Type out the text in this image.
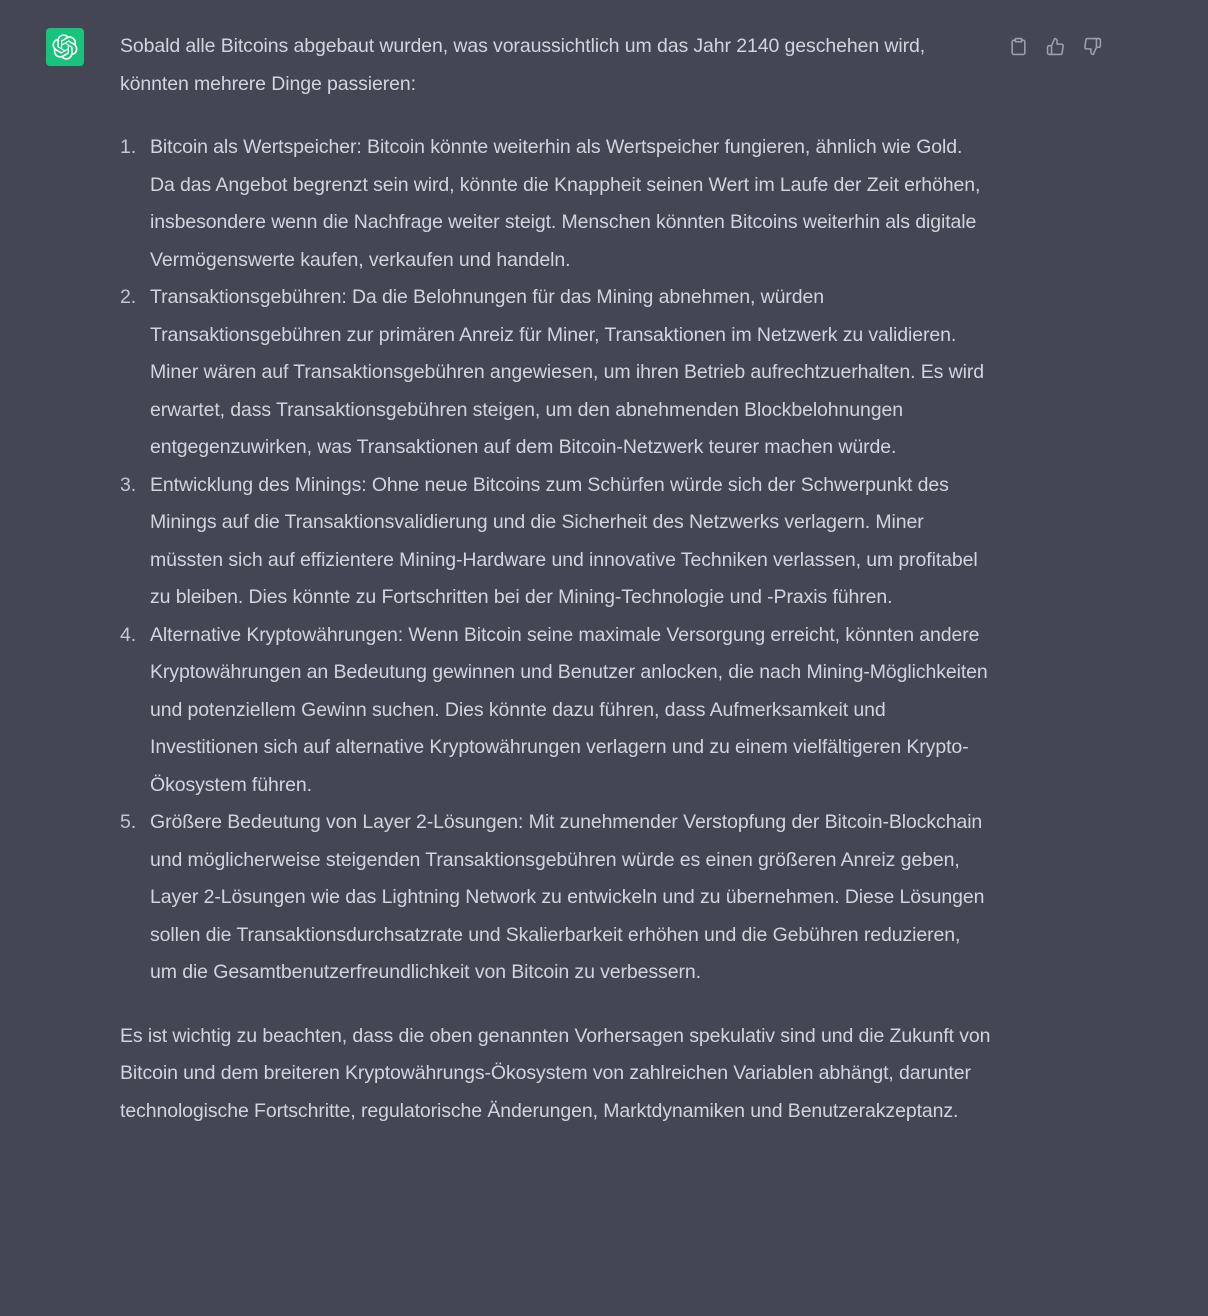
Sobald alle Bitcoins abgebaut wurden, was voraussichtlich um das Jahr 2140 geschehen wird, könnten mehrere Dinge passieren:

1. Bitcoin als Wertspeicher: Bitcoin könnte weiterhin als Wertspeicher fungieren, ähnlich wie Gold. Da das Angebot begrenzt sein wird, könnte die Knappheit seinen Wert im Laufe der Zeit erhöhen, insbesondere wenn die Nachfrage weiter steigt. Menschen könnten Bitcoins weiterhin als digitale Vermögenswerte kaufen, verkaufen und handeln.
2. Transaktionsgebühren: Da die Belohnungen für das Mining abnehmen, würden Transaktionsgebühren zur primären Anreiz für Miner, Transaktionen im Netzwerk zu validieren. Miner wären auf Transaktionsgebühren angewiesen, um ihren Betrieb aufrechtzuerhalten. Es wird erwartet, dass Transaktionsgebühren steigen, um den abnehmenden Blockbelohnungen entgegenzuwirken, was Transaktionen auf dem Bitcoin-Netzwerk teurer machen würde.
3. Entwicklung des Minings: Ohne neue Bitcoins zum Schürfen würde sich der Schwerpunkt des Minings auf die Transaktionsvalidierung und die Sicherheit des Netzwerks verlagern. Miner müssten sich auf effizientere Mining-Hardware und innovative Techniken verlassen, um profitabel zu bleiben. Dies könnte zu Fortschritten bei der Mining-Technologie und -Praxis führen.
4. Alternative Kryptowährungen: Wenn Bitcoin seine maximale Versorgung erreicht, könnten andere Kryptowährungen an Bedeutung gewinnen und Benutzer anlocken, die nach Mining-Möglichkeiten und potenziellem Gewinn suchen. Dies könnte dazu führen, dass Aufmerksamkeit und Investitionen sich auf alternative Kryptowährungen verlagern und zu einem vielfältigeren Krypto-Ökosystem führen.
5. Größere Bedeutung von Layer 2-Lösungen: Mit zunehmender Verstopfung der Bitcoin-Blockchain und möglicherweise steigenden Transaktionsgebühren würde es einen größeren Anreiz geben, Layer 2-Lösungen wie das Lightning Network zu entwickeln und zu übernehmen. Diese Lösungen sollen die Transaktionsdurchsatzrate und Skalierbarkeit erhöhen und die Gebühren reduzieren, um die Gesamtbenutzerfreundlichkeit von Bitcoin zu verbessern.

Es ist wichtig zu beachten, dass die oben genannten Vorhersagen spekulativ sind und die Zukunft von Bitcoin und dem breiteren Kryptowährungs-Ökosystem von zahlreichen Variablen abhängt, darunter technologische Fortschritte, regulatorische Änderungen, Marktdynamiken und Benutzerakzeptanz.
